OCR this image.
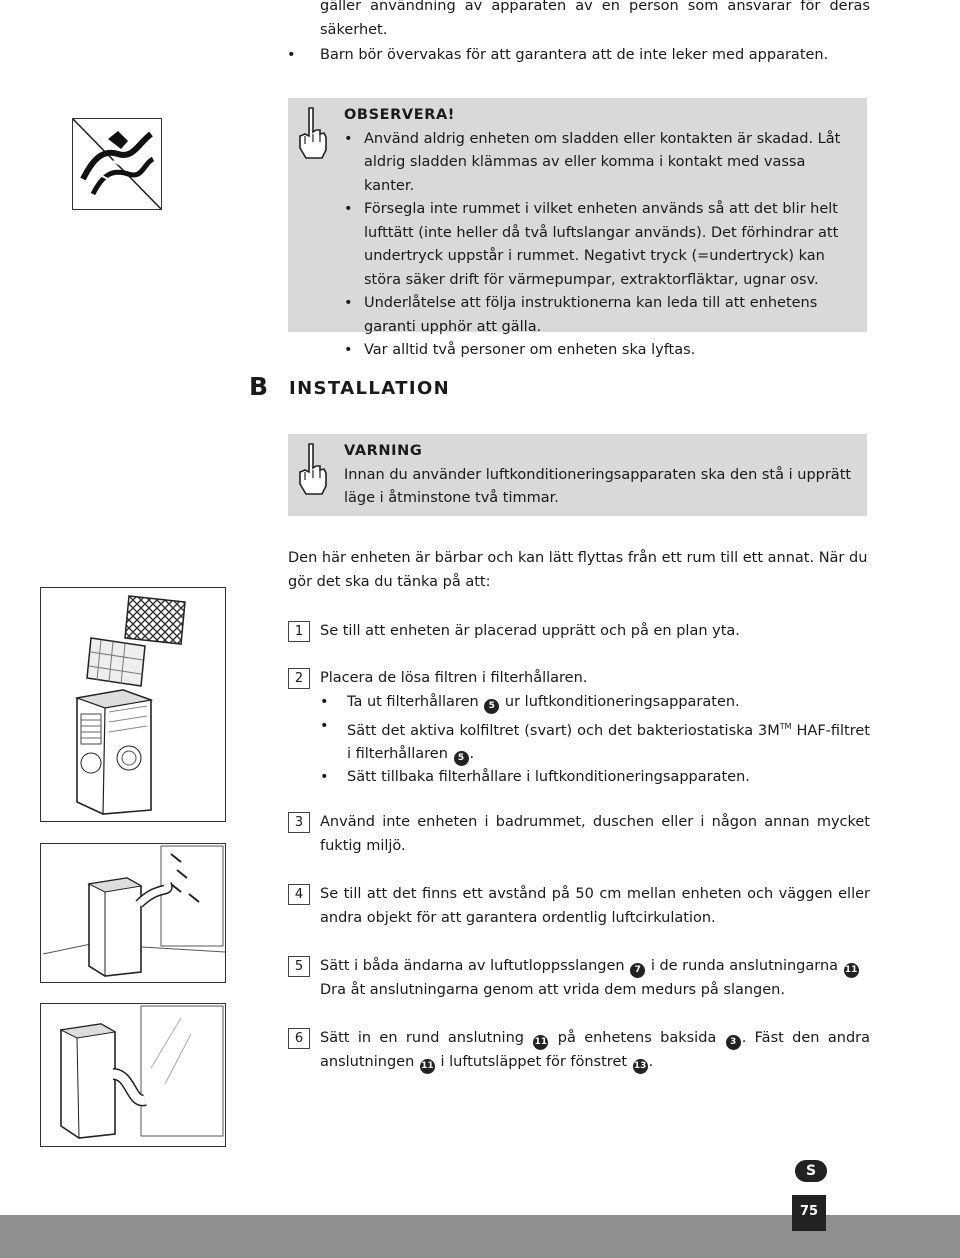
gäller användning av apparaten av en person som ansvarar för deras säkerhet.
•	Barn bör övervakas för att garantera att de inte leker med apparaten.
OBSERVERA!
• Använd aldrig enheten om sladden eller kontakten är skadad. Låt aldrig sladden klämmas av eller komma i kontakt med vassa kanter.
• Försegla inte rummet i vilket enheten används så att det blir helt lufttätt (inte heller då två luftslangar används). Det förhindrar att undertryck uppstår i rummet. Negativt tryck (=undertryck) kan störa säker drift för värmepumpar, extraktorfläktar, ugnar osv.
• Underlåtelse att följa instruktionerna kan leda till att enhetens garanti upphör att gälla.
• Var alltid två personer om enheten ska lyftas.
B INSTALLATION
VARNING
Innan du använder luftkonditioneringsapparaten ska den stå i upprätt läge i åtminstone två timmar.
Den här enheten är bärbar och kan lätt flyttas från ett rum till ett annat. När du gör det ska du tänka på att:
1	Se till att enheten är placerad upprätt och på en plan yta.
2	Placera de lösa filtren i filterhållaren.
•	Ta ut filterhållaren 5 ur luftkonditioneringsapparaten.
•	Sätt det aktiva kolfiltret (svart) och det bakteriostatiska 3M™ HAF-filtret i filterhållaren 5 .
•	Sätt tillbaka filterhållare i luftkonditioneringsapparaten.
3	Använd inte enheten i badrummet, duschen eller i någon annan mycket fuktig miljö.
4	Se till att det finns ett avstånd på 50 cm mellan enheten och väggen eller andra objekt för att garantera ordentlig luftcirkulation.
5	Sätt i båda ändarna av luftutloppsslangen 7 i de runda anslutningarna 11
Dra åt anslutningarna genom att vrida dem medurs på slangen.
6	Sätt in en rund anslutning 11 på enhetens baksida 3 . Fäst den andra anslutningen 11 i luftutsläppet för fönstret 13 .
S
75
